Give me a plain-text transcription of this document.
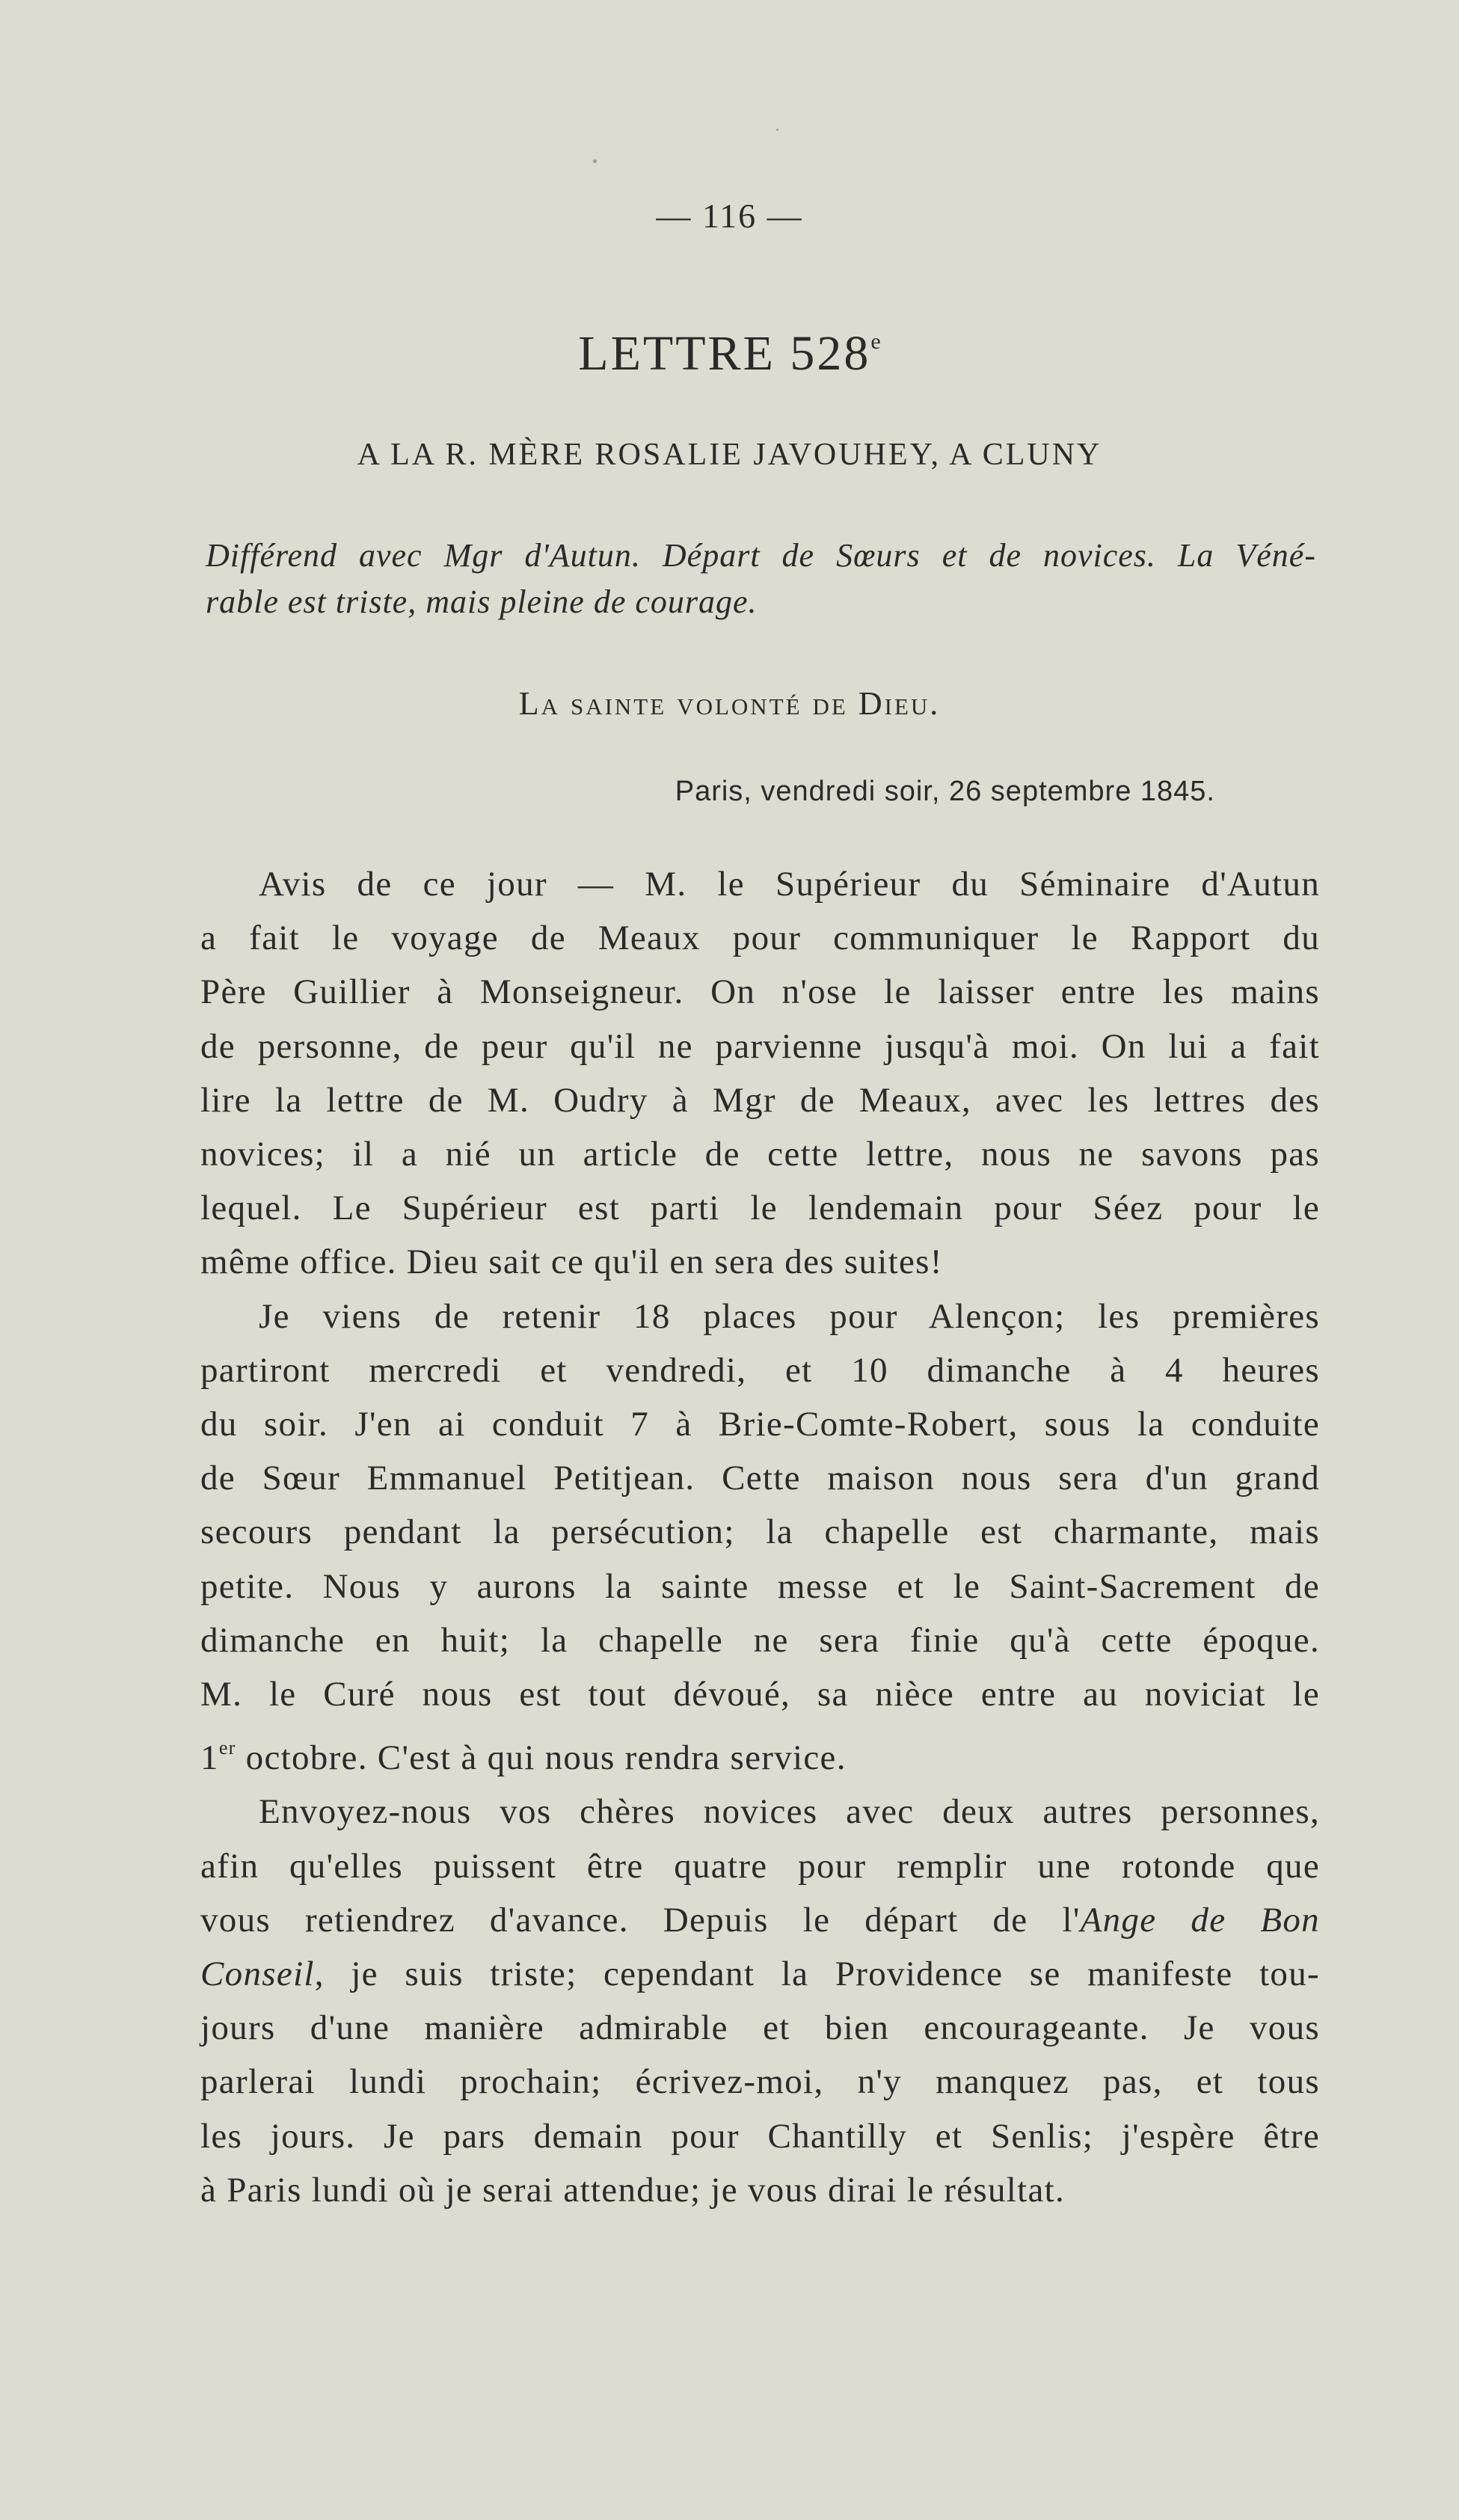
— 116 —
LETTRE 528e
A LA R. MÈRE ROSALIE JAVOUHEY, A CLUNY
Différend avec Mgr d'Autun. Départ de Sœurs et de novices. La Véné-
rable est triste, mais pleine de courage.
La sainte volonté de Dieu.
Paris, vendredi soir, 26 septembre 1845.
Avis de ce jour — M. le Supérieur du Séminaire d'Autun
a fait le voyage de Meaux pour communiquer le Rapport du
Père Guillier à Monseigneur. On n'ose le laisser entre les mains
de personne, de peur qu'il ne parvienne jusqu'à moi. On lui a fait
lire la lettre de M. Oudry à Mgr de Meaux, avec les lettres des
novices; il a nié un article de cette lettre, nous ne savons pas
lequel. Le Supérieur est parti le lendemain pour Séez pour le
même office. Dieu sait ce qu'il en sera des suites!
Je viens de retenir 18 places pour Alençon; les premières
partiront mercredi et vendredi, et 10 dimanche à 4 heures
du soir. J'en ai conduit 7 à Brie-Comte-Robert, sous la conduite
de Sœur Emmanuel Petitjean. Cette maison nous sera d'un grand
secours pendant la persécution; la chapelle est charmante, mais
petite. Nous y aurons la sainte messe et le Saint-Sacrement de
dimanche en huit; la chapelle ne sera finie qu'à cette époque.
M. le Curé nous est tout dévoué, sa nièce entre au noviciat le
1er octobre. C'est à qui nous rendra service.
Envoyez-nous vos chères novices avec deux autres personnes,
afin qu'elles puissent être quatre pour remplir une rotonde que
vous retiendrez d'avance. Depuis le départ de l'Ange de Bon
Conseil, je suis triste; cependant la Providence se manifeste tou-
jours d'une manière admirable et bien encourageante. Je vous
parlerai lundi prochain; écrivez-moi, n'y manquez pas, et tous
les jours. Je pars demain pour Chantilly et Senlis; j'espère être
à Paris lundi où je serai attendue; je vous dirai le résultat.
